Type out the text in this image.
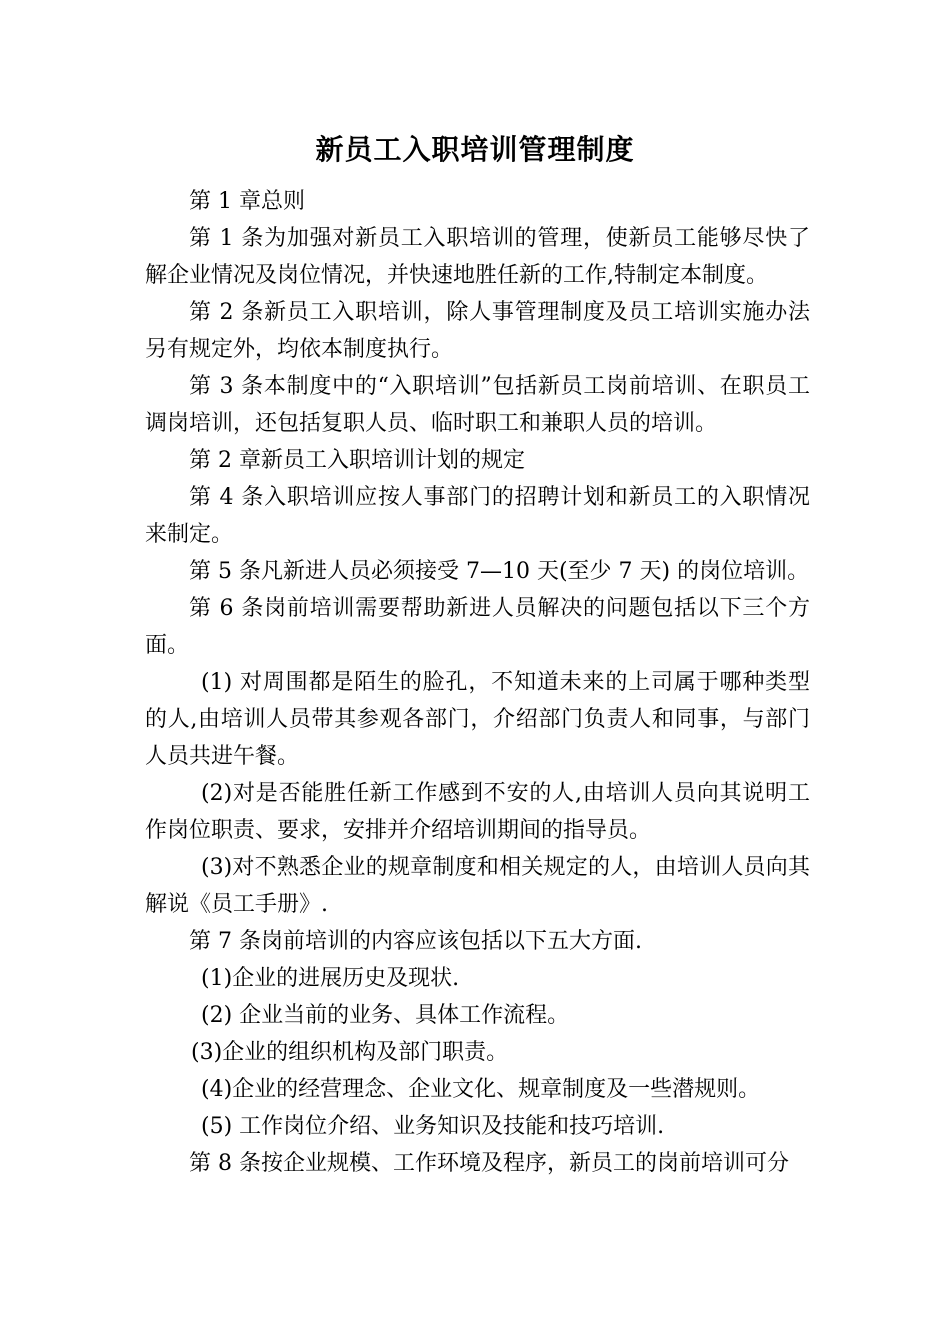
新员工入职培训管理制度

第 1 章总则

第 1 条为加强对新员工入职培训的管理，使新员工能够尽快了解企业情况及岗位情况，并快速地胜任新的工作,特制定本制度。

第 2 条新员工入职培训，除人事管理制度及员工培训实施办法另有规定外，均依本制度执行。

第 3 条本制度中的“入职培训”包括新员工岗前培训、在职员工调岗培训，还包括复职人员、临时职工和兼职人员的培训。

第 2 章新员工入职培训计划的规定

第 4 条入职培训应按人事部门的招聘计划和新员工的入职情况来制定。

第 5 条凡新进人员必须接受 7—10 天(至少 7 天) 的岗位培训。

第 6 条岗前培训需要帮助新进人员解决的问题包括以下三个方面。

(1) 对周围都是陌生的脸孔，不知道未来的上司属于哪种类型的人,由培训人员带其参观各部门，介绍部门负责人和同事，与部门人员共进午餐。

(2)对是否能胜任新工作感到不安的人,由培训人员向其说明工作岗位职责、要求，安排并介绍培训期间的指导员。

(3)对不熟悉企业的规章制度和相关规定的人，由培训人员向其解说《员工手册》.

第 7 条岗前培训的内容应该包括以下五大方面.

(1)企业的进展历史及现状.

(2) 企业当前的业务、具体工作流程。

(3)企业的组织机构及部门职责。

(4)企业的经营理念、企业文化、规章制度及一些潜规则。

(5) 工作岗位介绍、业务知识及技能和技巧培训.

第 8 条按企业规模、工作环境及程序，新员工的岗前培训可分
